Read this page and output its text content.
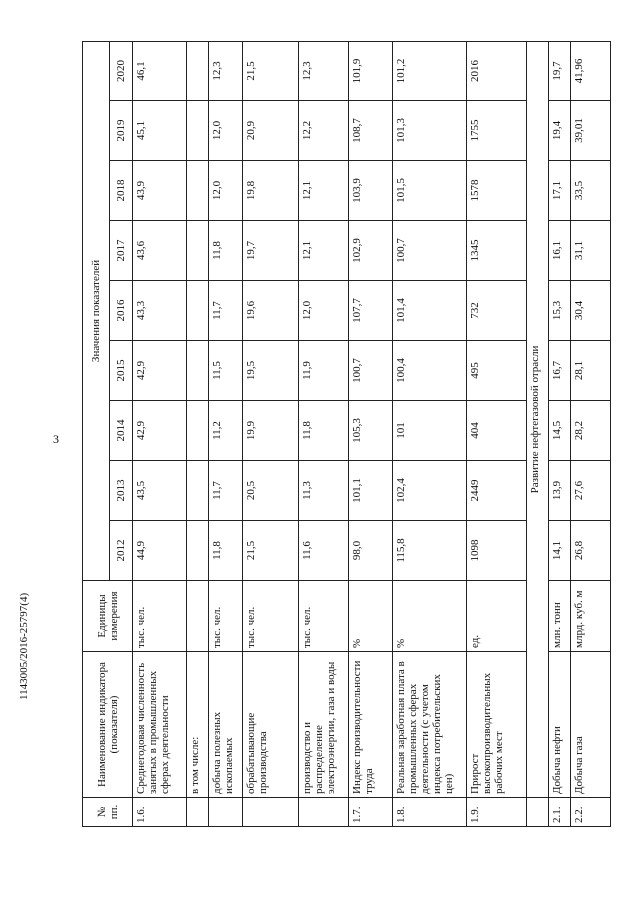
3
1143005/2016-25797(4)
№ пп.	Наименование индикатора (показателя)	Единицы измерения	Значения показателей								
			2012	2013	2014	2015	2016	2017	2018	2019	2020
1.6.	Среднегодовая численность занятых в промышленных сферах деятельности	тыс. чел.	44,9	43,5	42,9	42,9	43,3	43,6	43,9	45,1	46,1
	в том числе:										
	добыча полезных ископаемых	тыс. чел.	11,8	11,7	11,2	11,5	11,7	11,8	12,0	12,0	12,3
	обрабатывающие производства	тыс. чел.	21,5	20,5	19,9	19,5	19,6	19,7	19,8	20,9	21,5
	производство и распределение электроэнергии, газа и воды	тыс. чел.	11,6	11,3	11,8	11,9	12,0	12,1	12,1	12,2	12,3
1.7.	Индекс производительности труда	%	98,0	101,1	105,3	100,7	107,7	102,9	103,9	108,7	101,9
1.8.	Реальная заработная плата в промышленных сферах деятельности (с учетом индекса потребительских цен)	%	115,8	102,4	101	100,4	101,4	100,7	101,5	101,3	101,2
1.9.	Прирост высокопроизводительных рабочих мест	ед.	1098	2449	404	495	732	1345	1578	1755	2016
	Развитие нефтегазовой отрасли										
2.1.	Добыча нефти	млн. тонн	14,1	13,9	14,5	16,7	15,3	16,1	17,1	19,4	19,7
2.2.	Добыча газа	млрд. куб. м	26,8	27,6	28,2	28,1	30,4	31,1	33,5	39,01	41,96
